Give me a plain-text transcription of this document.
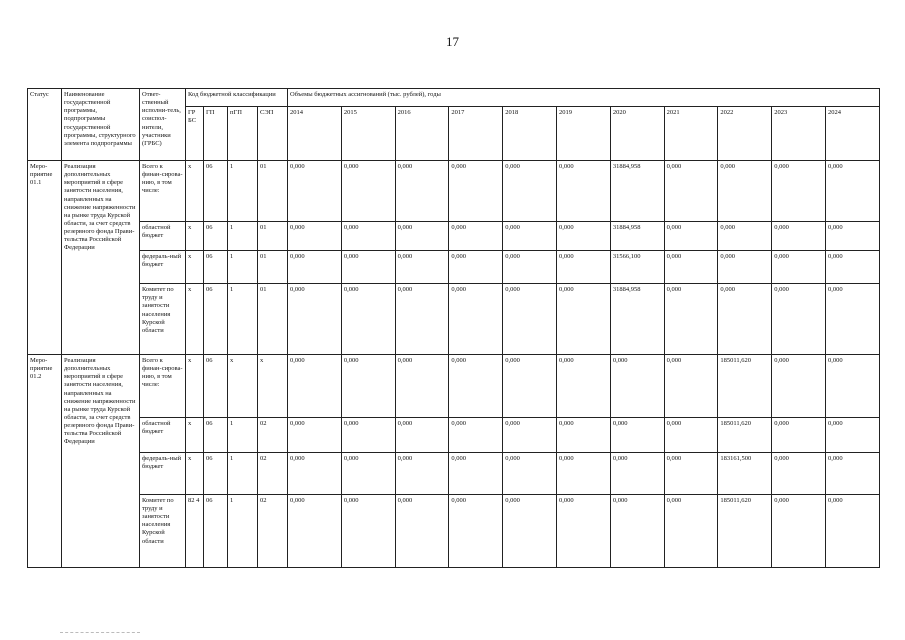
17
Статус	Наименование государственной программы, подпрограммы государственной программы, структурного элемента подпрограммы	Ответ-ственный исполни-тель, соиспол-нители, участники (ГРБС)	Код бюджетной классификации				Объемы бюджетных ассигнований (тыс. рублей), годы										
			ГР БС	ГП	пГП	СЭП	2014	2015	2016	2017	2018	2019	2020	2021	2022	2023	2024
Меро-приятие 01.1	Реализация дополнительных мероприятий в сфере занятости населения, направленных на снижение напряженности на рынке труда Курской области, за счет средств резервного фонда Прави-тельства Российской Федерации	Всего к финан-сирова-нию, в том числе:	х	06	1	01	0,000	0,000	0,000	0,000	0,000	0,000	31884,958	0,000	0,000	0,000	0,000
		областной бюджет	х	06	1	01	0,000	0,000	0,000	0,000	0,000	0,000	31884,958	0,000	0,000	0,000	0,000
		федераль-ный бюджет	х	06	1	01	0,000	0,000	0,000	0,000	0,000	0,000	31566,100	0,000	0,000	0,000	0,000
		Комитет по труду и занятости населения Курской области	х	06	1	01	0,000	0,000	0,000	0,000	0,000	0,000	31884,958	0,000	0,000	0,000	0,000
Меро-приятие 01.2	Реализация дополнительных мероприятий в сфере занятости населения, направленных на снижение напряженности на рынке труда Курской области, за счет средств резервного фонда Прави-тельства Российской Федерации	Всего к финан-сирова-нию, в том числе:	х	06	х	х	0,000	0,000	0,000	0,000	0,000	0,000	0,000	0,000	185011,620	0,000	0,000
		областной бюджет	х	06	1	02	0,000	0,000	0,000	0,000	0,000	0,000	0,000	0,000	185011,620	0,000	0,000
		федераль-ный бюджет	х	06	1	02	0,000	0,000	0,000	0,000	0,000	0,000	0,000	0,000	183161,500	0,000	0,000
		Комитет по труду и занятости населения Курской области	82 4	06	1	02	0,000	0,000	0,000	0,000	0,000	0,000	0,000	0,000	185011,620	0,000	0,000
